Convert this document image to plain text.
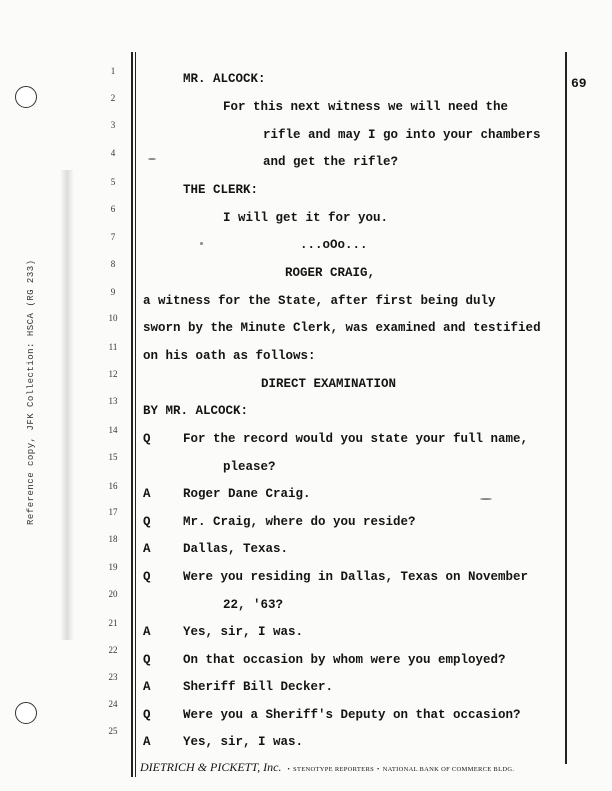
Reference copy, JFK Collection: HSCA (RG 233)
69
1
2
3
4
5
6
7
8
9
10
11
12
13
14
15
16
17
18
19
20
21
22
23
24
25
MR. ALCOCK:
For this next witness we will need the
rifle and may I go into your chambers
and get the rifle?
THE CLERK:
I will get it for you.
...oOo...
ROGER CRAIG,
a witness for the State, after first being duly
sworn by the Minute Clerk, was examined and testified
on his oath as follows:
DIRECT EXAMINATION
BY MR. ALCOCK:
Q	For the record would you state your full name,
please?
A	Roger Dane Craig.
Q	Mr. Craig, where do you reside?
A	Dallas, Texas.
Q	Were you residing in Dallas, Texas on November
22, '63?
A	Yes, sir, I was.
Q	On that occasion by whom were you employed?
A	Sheriff Bill Decker.
Q	Were you a Sheriff's Deputy on that occasion?
A	Yes, sir, I was.
DIETRICH & PICKETT, Inc. • STENOTYPE REPORTERS • NATIONAL BANK OF COMMERCE BLDG.
